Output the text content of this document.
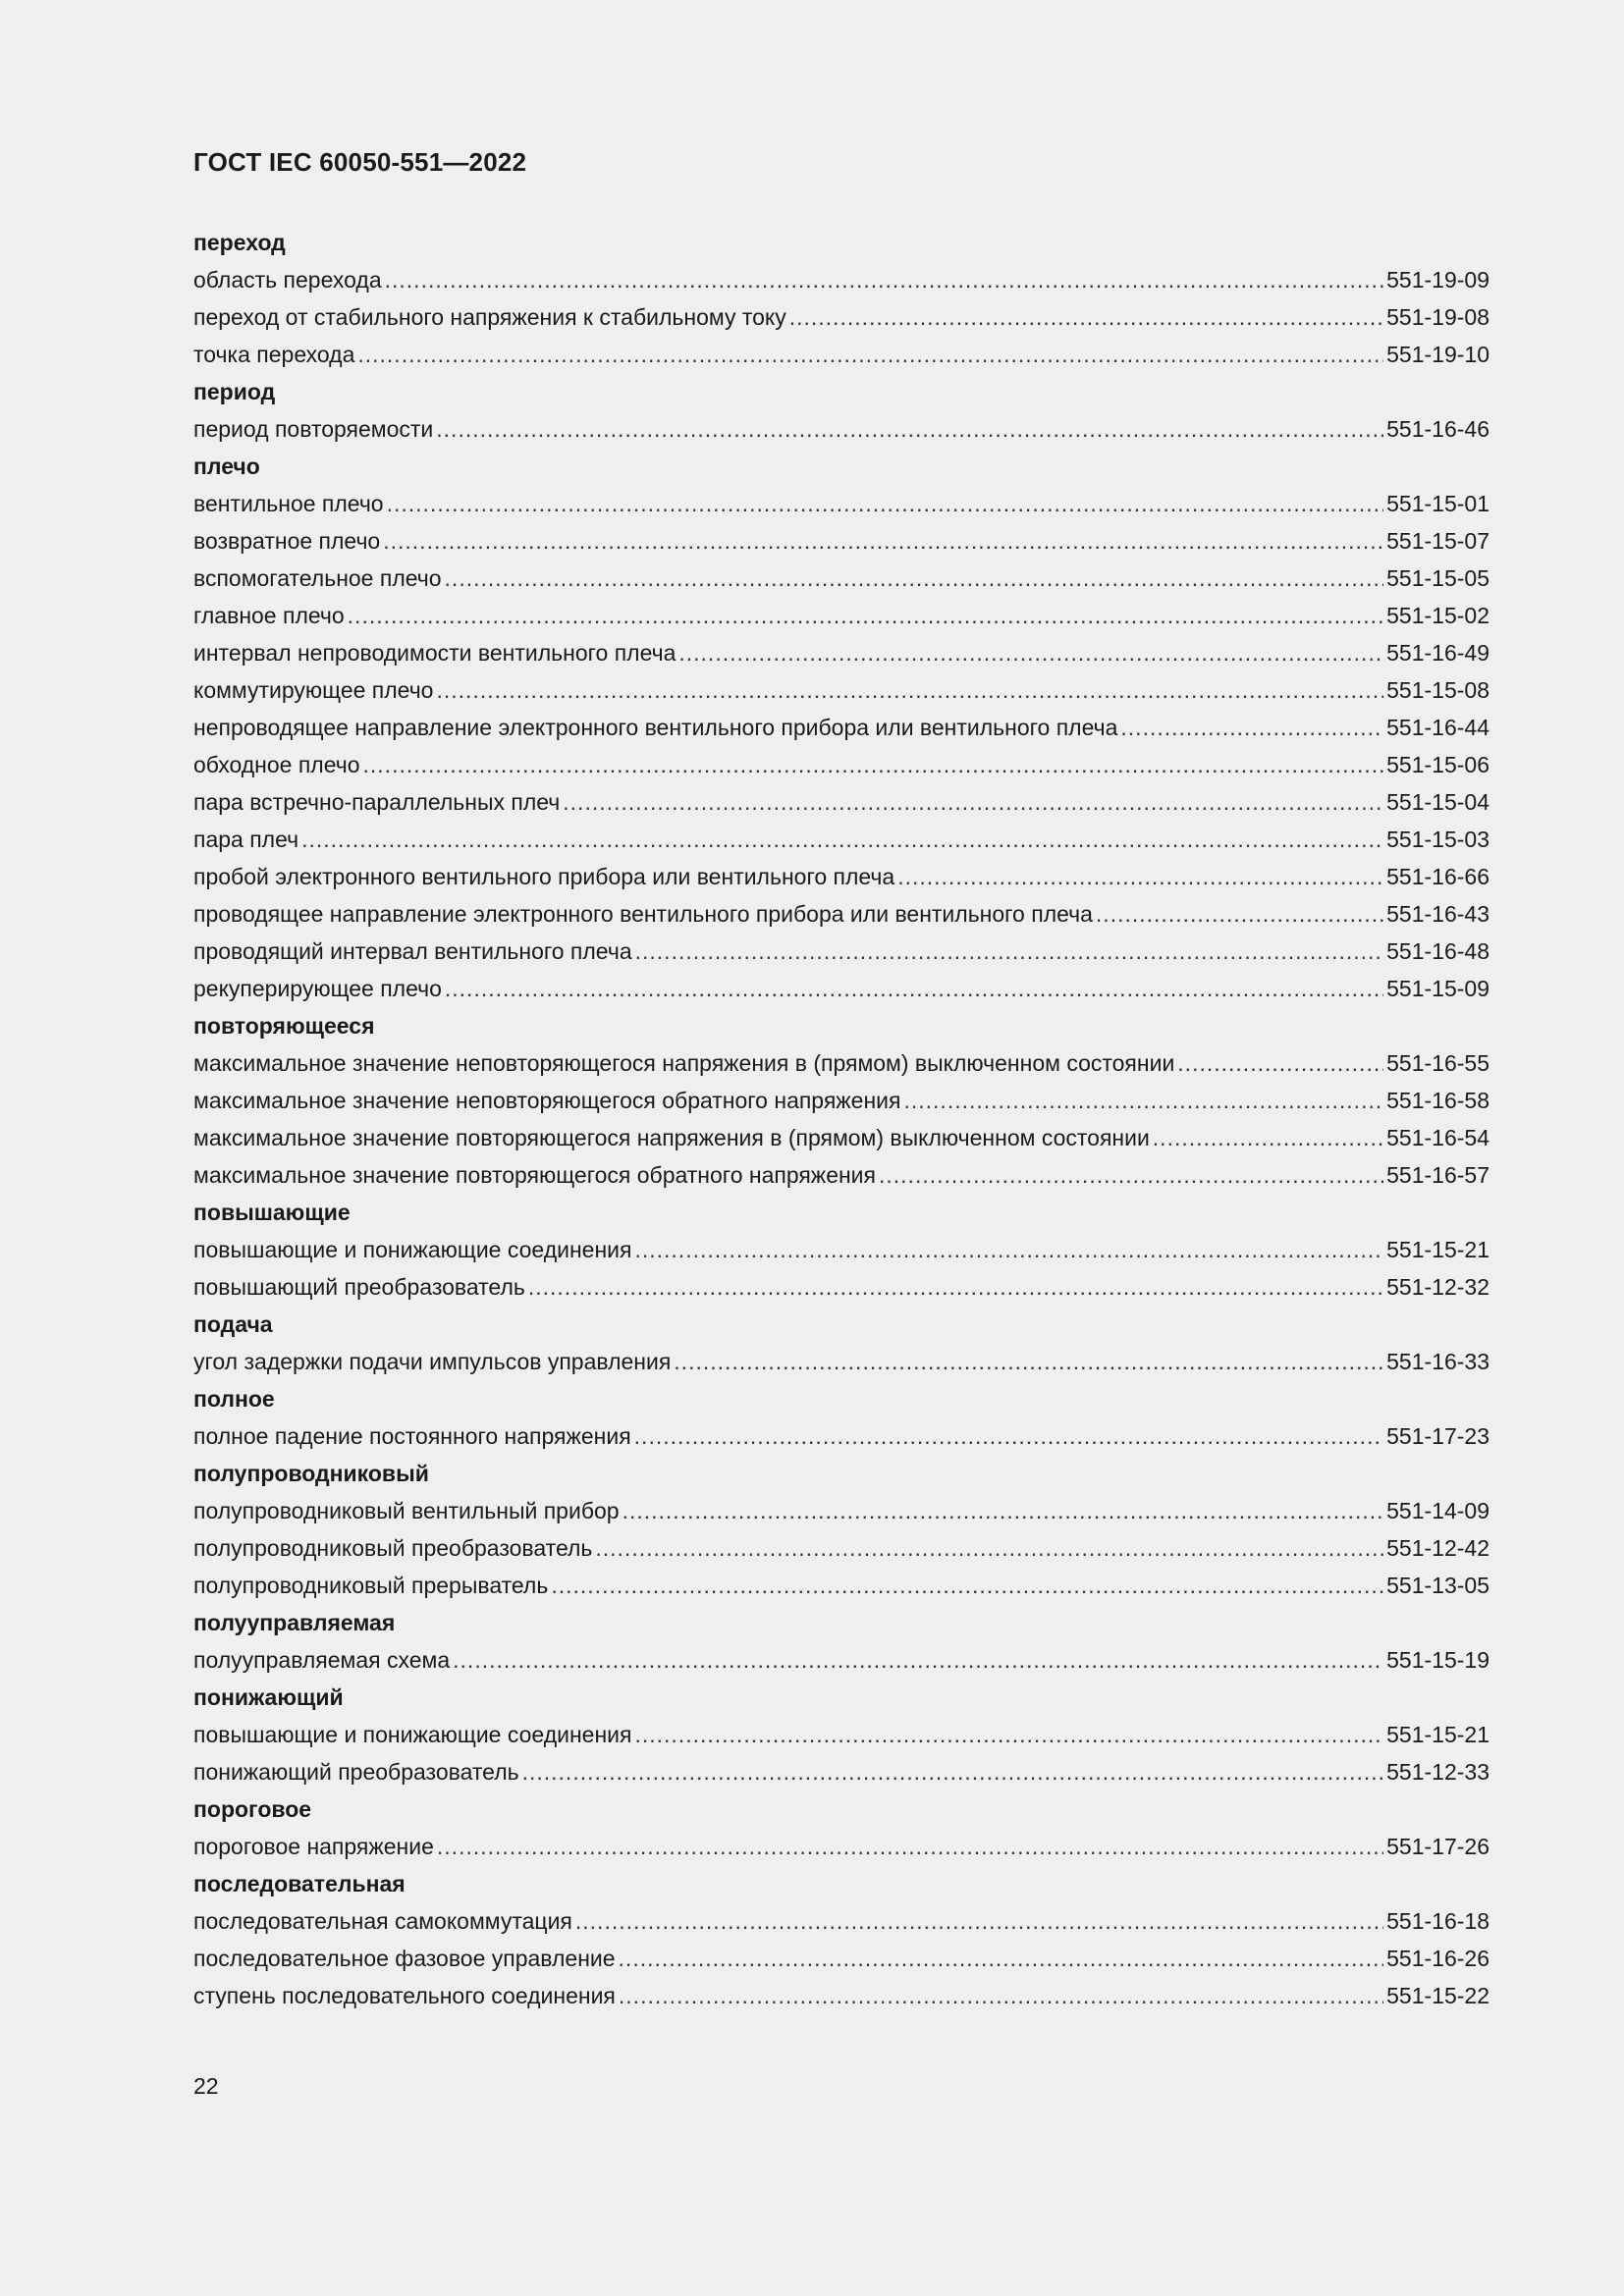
ГОСТ IEC 60050-551—2022
переход
область перехода .....	551-19-09
переход от стабильного напряжения к стабильному току .....	551-19-08
точка перехода .....	551-19-10
период
период повторяемости .....	551-16-46
плечо
вентильное плечо .....	551-15-01
возвратное плечо .....	551-15-07
вспомогательное плечо .....	551-15-05
главное плечо .....	551-15-02
интервал непроводимости вентильного плеча .....	551-16-49
коммутирующее плечо .....	551-15-08
непроводящее направление электронного вентильного прибора или вентильного плеча .....	551-16-44
обходное плечо .....	551-15-06
пара встречно-параллельных плеч .....	551-15-04
пара плеч .....	551-15-03
пробой электронного вентильного прибора или вентильного плеча .....	551-16-66
проводящее направление электронного вентильного прибора или вентильного плеча .....	551-16-43
проводящий интервал вентильного плеча .....	551-16-48
рекуперирующее плечо .....	551-15-09
повторяющееся
максимальное значение неповторяющегося напряжения в (прямом) выключенном состоянии .....	551-16-55
максимальное значение неповторяющегося обратного напряжения .....	551-16-58
максимальное значение повторяющегося напряжения в (прямом) выключенном состоянии .....	551-16-54
максимальное значение повторяющегося обратного напряжения .....	551-16-57
повышающие
повышающие и понижающие соединения .....	551-15-21
повышающий преобразователь .....	551-12-32
подача
угол задержки подачи импульсов управления .....	551-16-33
полное
полное падение постоянного напряжения .....	551-17-23
полупроводниковый
полупроводниковый вентильный прибор .....	551-14-09
полупроводниковый преобразователь .....	551-12-42
полупроводниковый прерыватель .....	551-13-05
полууправляемая
полууправляемая схема .....	551-15-19
понижающий
повышающие и понижающие соединения .....	551-15-21
понижающий преобразователь .....	551-12-33
пороговое
пороговое напряжение .....	551-17-26
последовательная
последовательная самокоммутация .....	551-16-18
последовательное фазовое управление .....	551-16-26
ступень последовательного соединения .....	551-15-22
22
